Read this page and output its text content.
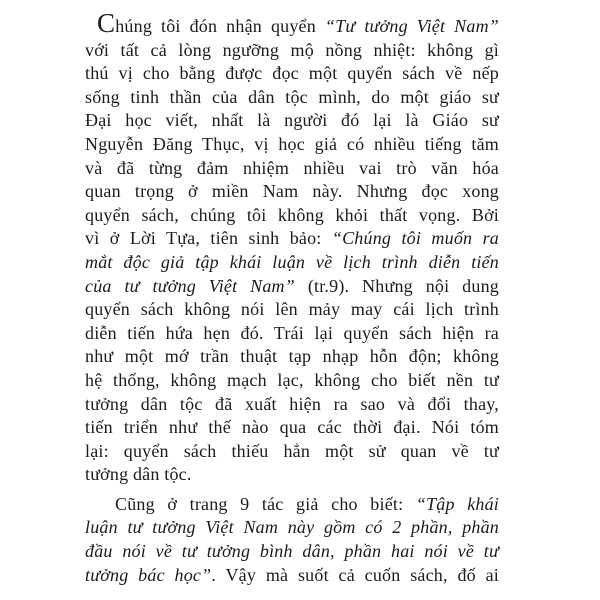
Chúng tôi đón nhận quyển “Tư tưởng Việt Nam”
với tất cả lòng ngưỡng mộ nồng nhiệt: không gì
thú vị cho bằng được đọc một quyển sách về nếp
sống tinh thần của dân tộc mình, do một giáo sư
Đại học viết, nhất là người đó lại là Giáo sư
Nguyễn Đăng Thục, vị học giả có nhiều tiếng tăm
và đã từng đảm nhiệm nhiều vai trò văn hóa
quan trọng ở miền Nam này. Nhưng đọc xong
quyển sách, chúng tôi không khỏi thất vọng. Bởi
vì ở Lời Tựa, tiên sinh bảo: “Chúng tôi muốn ra
mắt độc giả tập khái luận về lịch trình diễn tiến
của tư tưởng Việt Nam” (tr.9). Nhưng nội dung
quyển sách không nói lên mảy may cái lịch trình
diễn tiến hứa hẹn đó. Trái lại quyển sách hiện ra
như một mớ trần thuật tạp nhạp hỗn độn; không
hệ thống, không mạch lạc, không cho biết nền tư
tưởng dân tộc đã xuất hiện ra sao và đổi thay,
tiến triển như thế nào qua các thời đại. Nói tóm
lại: quyển sách thiếu hẳn một sử quan về tư
tưởng dân tộc.
Cũng ở trang 9 tác giả cho biết: “Tập khái
luận tư tưởng Việt Nam này gồm có 2 phần, phần
đầu nói về tư tưởng bình dân, phần hai nói về tư
tưởng bác học”. Vậy mà suốt cả cuốn sách, đố ai
